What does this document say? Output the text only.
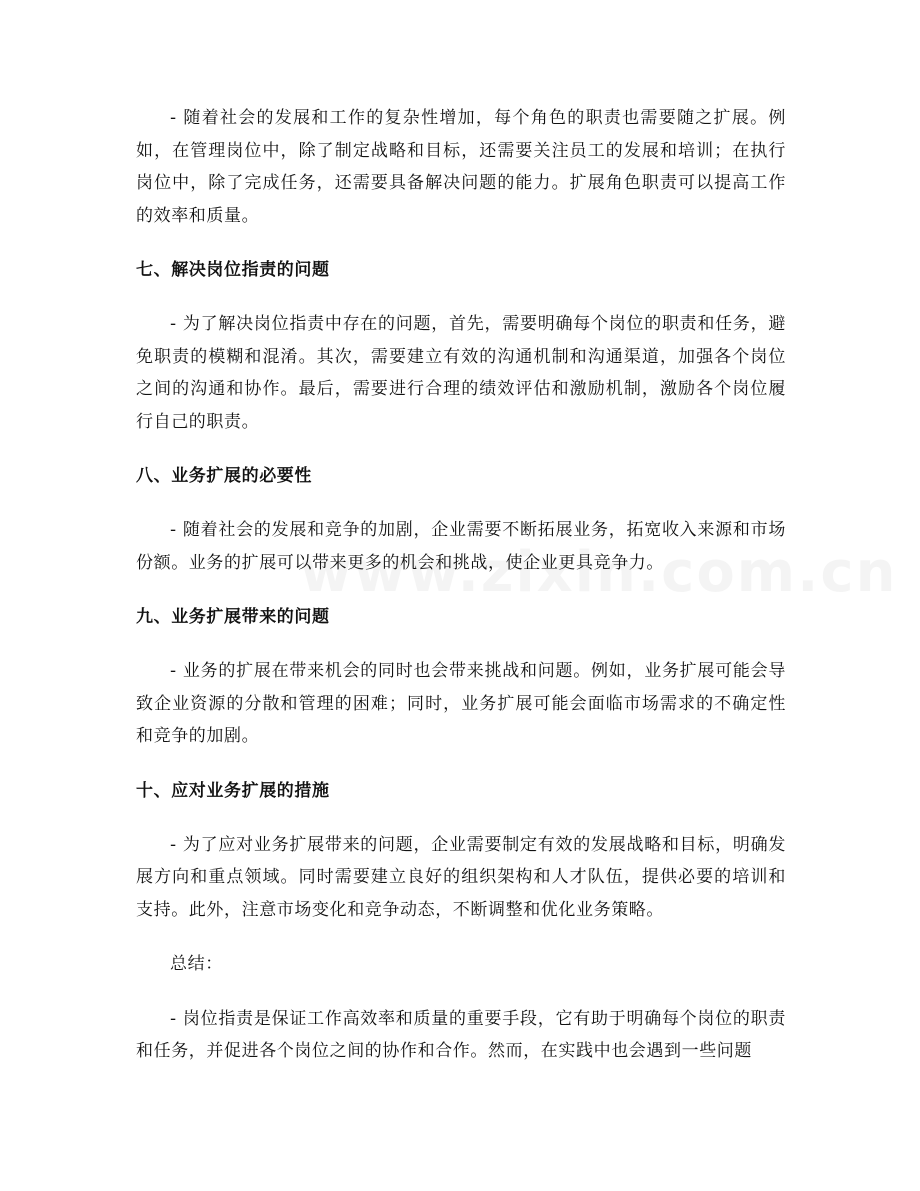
- 随着社会的发展和工作的复杂性增加，每个角色的职责也需要随之扩展。例如，在管理岗位中，除了制定战略和目标，还需要关注员工的发展和培训；在执行岗位中，除了完成任务，还需要具备解决问题的能力。扩展角色职责可以提高工作的效率和质量。

七、解决岗位指责的问题

- 为了解决岗位指责中存在的问题，首先，需要明确每个岗位的职责和任务，避免职责的模糊和混淆。其次，需要建立有效的沟通机制和沟通渠道，加强各个岗位之间的沟通和协作。最后，需要进行合理的绩效评估和激励机制，激励各个岗位履行自己的职责。

八、业务扩展的必要性

- 随着社会的发展和竞争的加剧，企业需要不断拓展业务，拓宽收入来源和市场份额。业务的扩展可以带来更多的机会和挑战，使企业更具竞争力。

九、业务扩展带来的问题

- 业务的扩展在带来机会的同时也会带来挑战和问题。例如，业务扩展可能会导致企业资源的分散和管理的困难；同时，业务扩展可能会面临市场需求的不确定性和竞争的加剧。

十、应对业务扩展的措施

- 为了应对业务扩展带来的问题，企业需要制定有效的发展战略和目标，明确发展方向和重点领域。同时需要建立良好的组织架构和人才队伍，提供必要的培训和支持。此外，注意市场变化和竞争动态，不断调整和优化业务策略。

总结：

- 岗位指责是保证工作高效率和质量的重要手段，它有助于明确每个岗位的职责和任务，并促进各个岗位之间的协作和合作。然而，在实践中也会遇到一些问题
